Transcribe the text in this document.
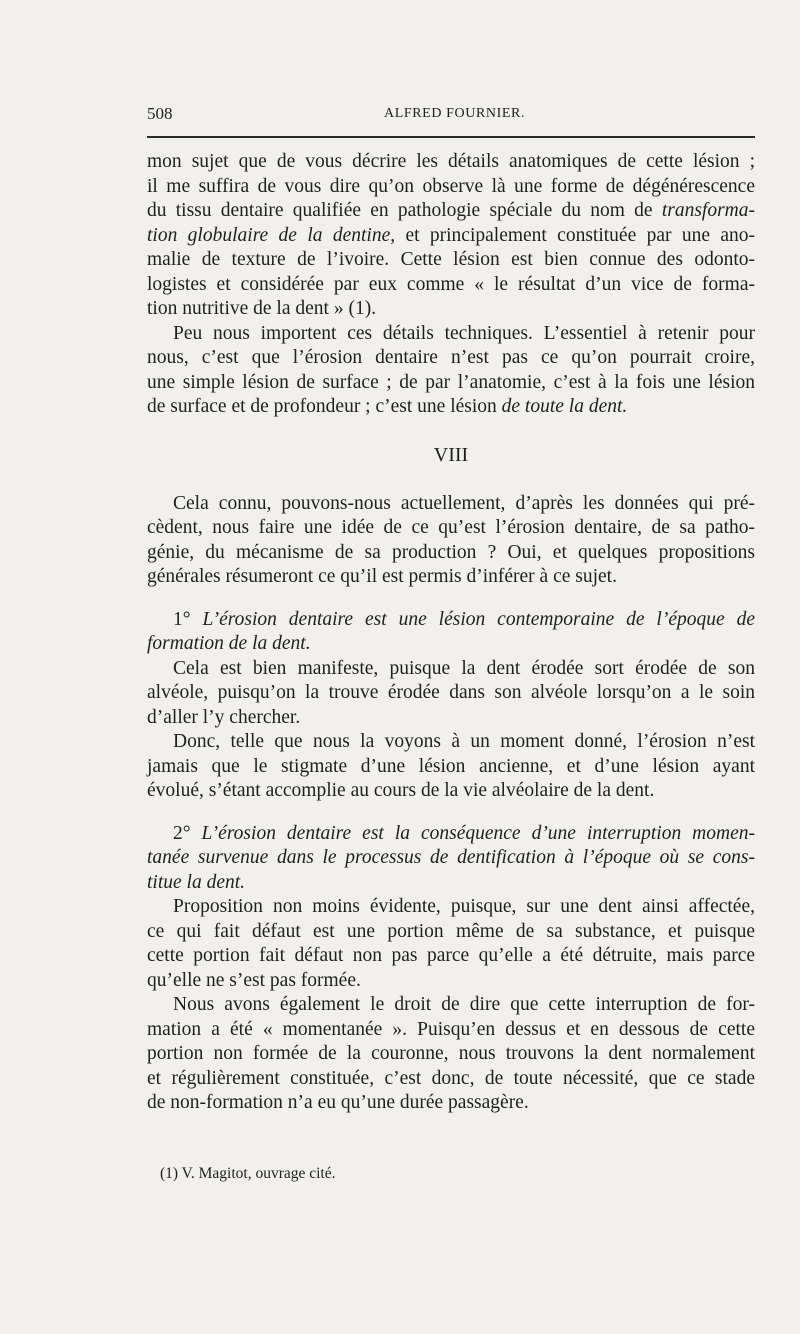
508	ALFRED FOURNIER.
mon sujet que de vous décrire les détails anatomiques de cette lésion ;
il me suffira de vous dire qu’on observe là une forme de dégénérescence
du tissu dentaire qualifiée en pathologie spéciale du nom de transforma-
tion globulaire de la dentine, et principalement constituée par une ano-
malie de texture de l’ivoire. Cette lésion est bien connue des odonto-
logistes et considérée par eux comme « le résultat d’un vice de forma-
tion nutritive de la dent » (1).
Peu nous importent ces détails techniques. L’essentiel à retenir pour
nous, c’est que l’érosion dentaire n’est pas ce qu’on pourrait croire,
une simple lésion de surface ; de par l’anatomie, c’est à la fois une lésion
de surface et de profondeur ; c’est une lésion de toute la dent.
VIII
Cela connu, pouvons-nous actuellement, d’après les données qui pré-
cèdent, nous faire une idée de ce qu’est l’érosion dentaire, de sa patho-
génie, du mécanisme de sa production ? Oui, et quelques propositions
générales résumeront ce qu’il est permis d’inférer à ce sujet.
1° L’érosion dentaire est une lésion contemporaine de l’époque de
formation de la dent.
Cela est bien manifeste, puisque la dent érodée sort érodée de son
alvéole, puisqu’on la trouve érodée dans son alvéole lorsqu’on a le soin
d’aller l’y chercher.
Donc, telle que nous la voyons à un moment donné, l’érosion n’est
jamais que le stigmate d’une lésion ancienne, et d’une lésion ayant
évolué, s’étant accomplie au cours de la vie alvéolaire de la dent.
2° L’érosion dentaire est la conséquence d’une interruption momen-
tanée survenue dans le processus de dentification à l’époque où se cons-
titue la dent.
Proposition non moins évidente, puisque, sur une dent ainsi affectée,
ce qui fait défaut est une portion même de sa substance, et puisque
cette portion fait défaut non pas parce qu’elle a été détruite, mais parce
qu’elle ne s’est pas formée.
Nous avons également le droit de dire que cette interruption de for-
mation a été « momentanée ». Puisqu’en dessus et en dessous de cette
portion non formée de la couronne, nous trouvons la dent normalement
et régulièrement constituée, c’est donc, de toute nécessité, que ce stade
de non-formation n’a eu qu’une durée passagère.
(1) V. Magitot, ouvrage cité.
